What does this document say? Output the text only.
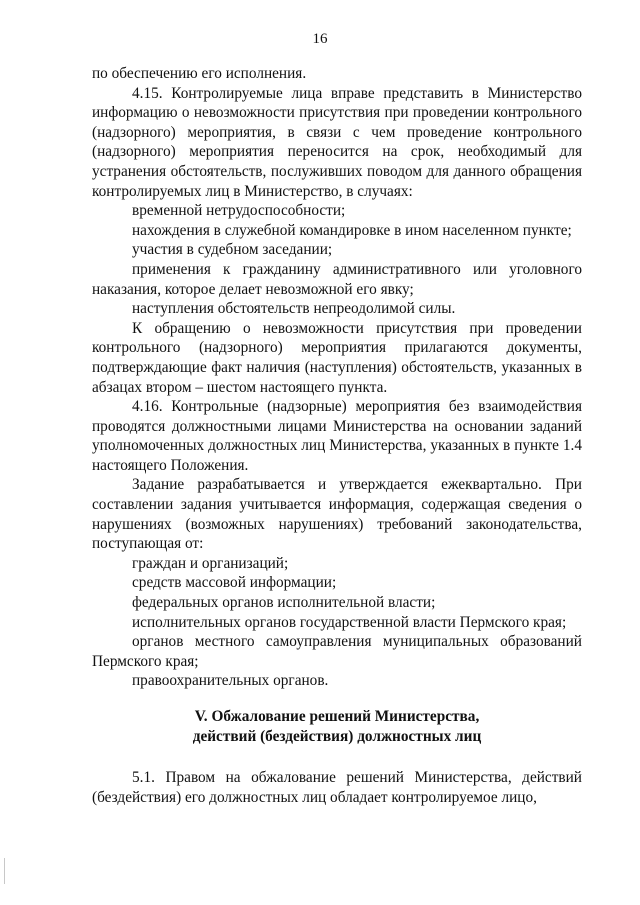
16

по обеспечению его исполнения.

4.15. Контролируемые лица вправе представить в Министерство информацию о невозможности присутствия при проведении контрольного (надзорного) мероприятия, в связи с чем проведение контрольного (надзорного) мероприятия переносится на срок, необходимый для устранения обстоятельств, послуживших поводом для данного обращения контролируемых лиц в Министерство, в случаях:

временной нетрудоспособности;

нахождения в служебной командировке в ином населенном пункте;

участия в судебном заседании;

применения к гражданину административного или уголовного наказания, которое делает невозможной его явку;

наступления обстоятельств непреодолимой силы.

К обращению о невозможности присутствия при проведении контрольного (надзорного) мероприятия прилагаются документы, подтверждающие факт наличия (наступления) обстоятельств, указанных в абзацах втором – шестом настоящего пункта.

4.16. Контрольные (надзорные) мероприятия без взаимодействия проводятся должностными лицами Министерства на основании заданий уполномоченных должностных лиц Министерства, указанных в пункте 1.4 настоящего Положения.

Задание разрабатывается и утверждается ежеквартально. При составлении задания учитывается информация, содержащая сведения о нарушениях (возможных нарушениях) требований законодательства, поступающая от:

граждан и организаций;

средств массовой информации;

федеральных органов исполнительной власти;

исполнительных органов государственной власти Пермского края;

органов местного самоуправления муниципальных образований Пермского края;

правоохранительных органов.

V. Обжалование решений Министерства,
действий (бездействия) должностных лиц

5.1. Правом на обжалование решений Министерства, действий (бездействия) его должностных лиц обладает контролируемое лицо,
